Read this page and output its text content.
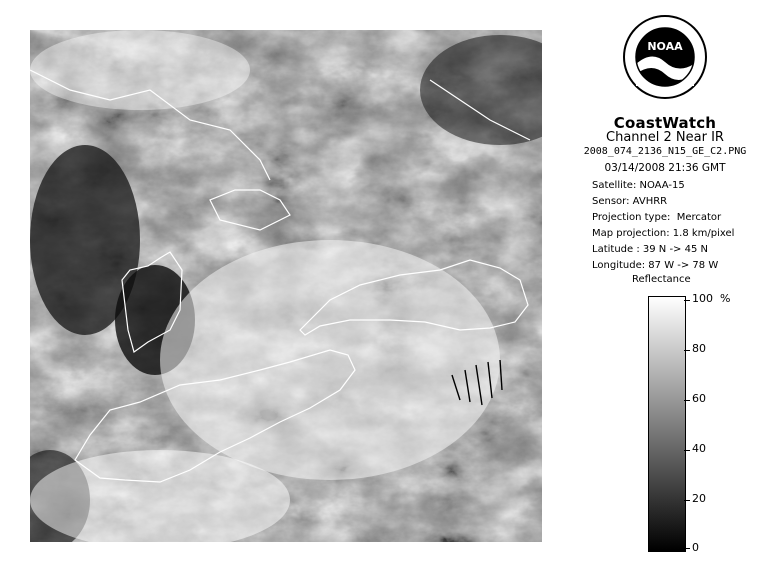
NOAA
CoastWatch
Channel 2 Near IR
2008_074_2136_N15_GE_C2.PNG
03/14/2008 21:36 GMT
Satellite: NOAA-15
Sensor: AVHRR
Projection type:  Mercator
Map projection: 1.8 km/pixel
Latitude : 39 N -> 45 N
Longitude: 87 W -> 78 W
Reflectance
%
100
80
60
40
20
0
